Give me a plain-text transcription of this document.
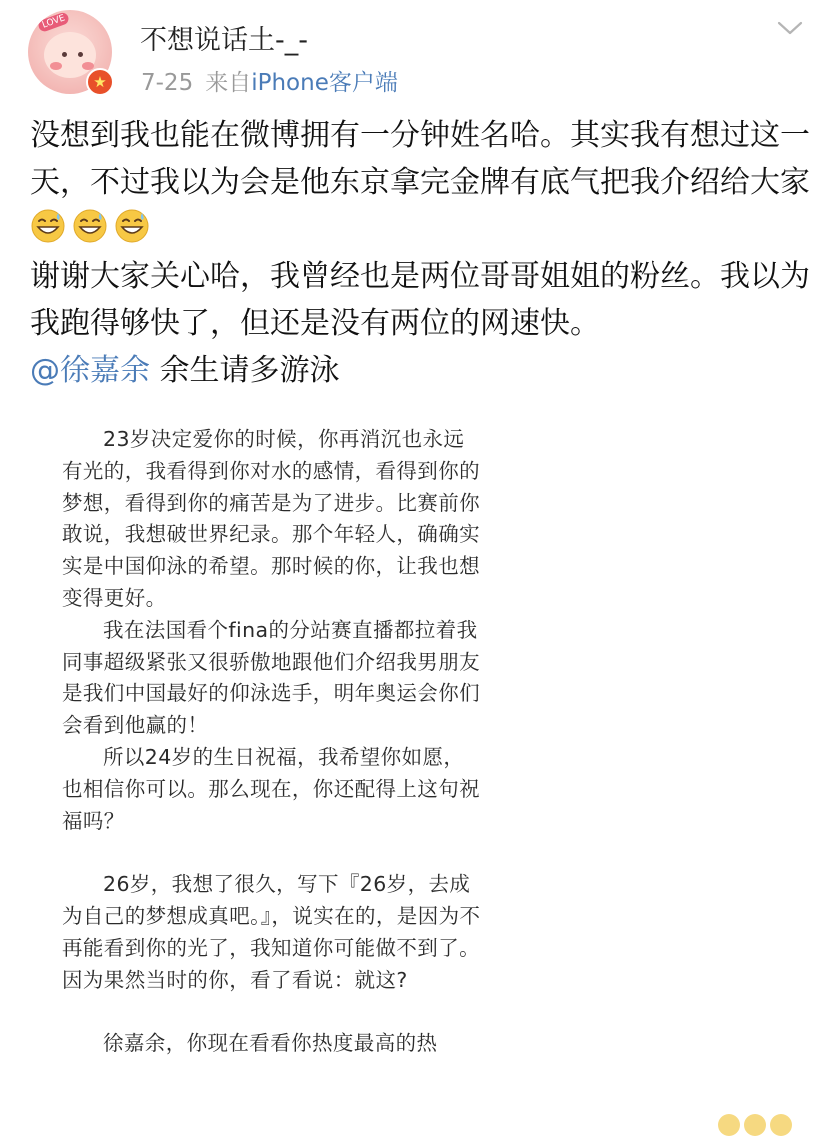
LOVE
★
不想说话土-_-
7-25 来自iPhone客户端

没想到我也能在微博拥有一分钟姓名哈。其实我有想过这一天，不过我以为会是他东京拿完金牌有底气把我介绍给大家

谢谢大家关心哈，我曾经也是两位哥哥姐姐的粉丝。我以为我跑得够快了，但还是没有两位的网速快。

@徐嘉余 余生请多游泳

23岁决定爱你的时候，你再消沉也永远有光的，我看得到你对水的感情，看得到你的梦想，看得到你的痛苦是为了进步。比赛前你敢说，我想破世界纪录。那个年轻人，确确实实是中国仰泳的希望。那时候的你，让我也想变得更好。

我在法国看个fina的分站赛直播都拉着我同事超级紧张又很骄傲地跟他们介绍我男朋友是我们中国最好的仰泳选手，明年奥运会你们会看到他赢的！

所以24岁的生日祝福，我希望你如愿，也相信你可以。那么现在，你还配得上这句祝福吗？

26岁，我想了很久，写下『26岁，去成为自己的梦想成真吧。』，说实在的，是因为不再能看到你的光了，我知道你可能做不到了。因为果然当时的你，看了看说：就这?

徐嘉余，你现在看看你热度最高的热
